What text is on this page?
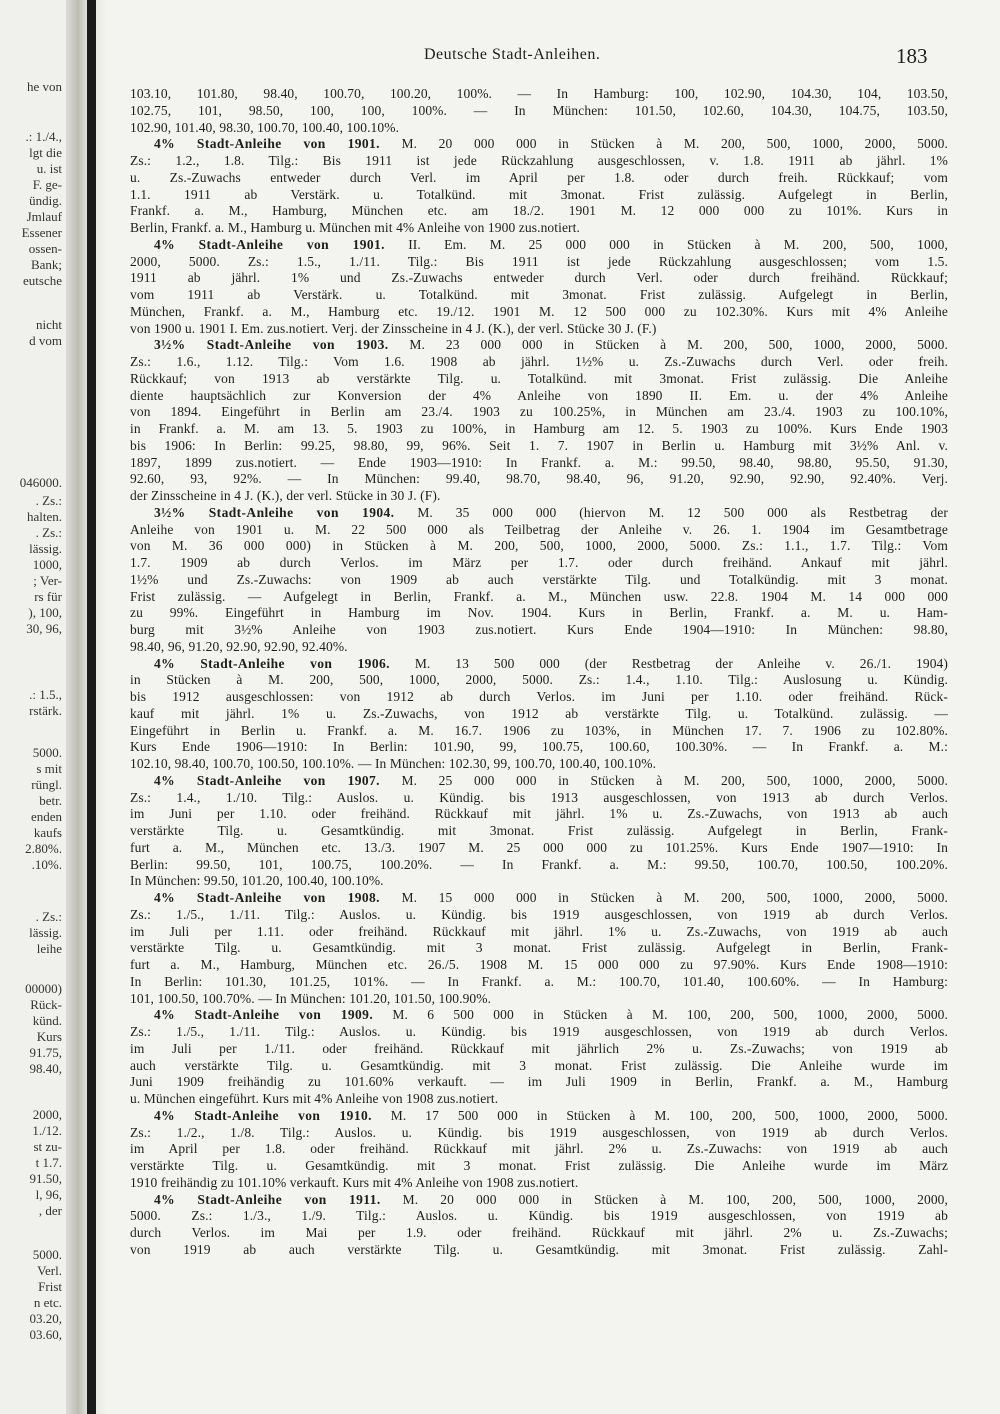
he von
.: 1./4.,
lgt die
u. ist
F. ge-
ündig.
Jmlauf
Essener
ossen-
Bank;
eutsche
nicht
d vom
046000.
. Zs.:
halten.
. Zs.:
lässig.
1000,
; Ver-
rs für
), 100,
30, 96,
.: 1.5.,
rstärk.
5000.
s mit
rüngl.
betr.
enden
kaufs
2.80%.
.10%.
. Zs.:
lässig.
leihe
00000)
Rück-
künd.
Kurs
91.75,
98.40,
2000,
1./12.
st zu-
t 1.7.
91.50,
l, 96,
, der
5000.
Verl.
Frist
n etc.
03.20,
03.60,
Deutsche Stadt-Anleihen.	183
103.10, 101.80, 98.40, 100.70, 100.20, 100%. — In Hamburg: 100, 102.90, 104.30, 104, 103.50,
102.75, 101, 98.50, 100, 100, 100%. — In München: 101.50, 102.60, 104.30, 104.75, 103.50,
102.90, 101.40, 98.30, 100.70, 100.40, 100.10%.
4% Stadt-Anleihe von 1901. M. 20 000 000 in Stücken à M. 200, 500, 1000, 2000, 5000.
Zs.: 1.2., 1.8. Tilg.: Bis 1911 ist jede Rückzahlung ausgeschlossen, v. 1.8. 1911 ab jährl. 1%
u. Zs.-Zuwachs entweder durch Verl. im April per 1.8. oder durch freih. Rückkauf; vom
1.1. 1911 ab Verstärk. u. Totalkünd. mit 3monat. Frist zulässig. Aufgelegt in Berlin,
Frankf. a. M., Hamburg, München etc. am 18./2. 1901 M. 12 000 000 zu 101%. Kurs in
Berlin, Frankf. a. M., Hamburg u. München mit 4% Anleihe von 1900 zus.notiert.
4% Stadt-Anleihe von 1901. II. Em. M. 25 000 000 in Stücken à M. 200, 500, 1000,
2000, 5000. Zs.: 1.5., 1./11. Tilg.: Bis 1911 ist jede Rückzahlung ausgeschlossen; vom 1.5.
1911 ab jährl. 1% und Zs.-Zuwachs entweder durch Verl. oder durch freihänd. Rückkauf;
vom 1911 ab Verstärk. u. Totalkünd. mit 3monat. Frist zulässig. Aufgelegt in Berlin,
München, Frankf. a. M., Hamburg etc. 19./12. 1901 M. 12 500 000 zu 102.30%. Kurs mit 4% Anleihe
von 1900 u. 1901 I. Em. zus.notiert. Verj. der Zinsscheine in 4 J. (K.), der verl. Stücke 30 J. (F.)
3½% Stadt-Anleihe von 1903. M. 23 000 000 in Stücken à M. 200, 500, 1000, 2000, 5000.
Zs.: 1.6., 1.12. Tilg.: Vom 1.6. 1908 ab jährl. 1½% u. Zs.-Zuwachs durch Verl. oder freih.
Rückkauf; von 1913 ab verstärkte Tilg. u. Totalkünd. mit 3monat. Frist zulässig. Die Anleihe
diente hauptsächlich zur Konversion der 4% Anleihe von 1890 II. Em. u. der 4% Anleihe
von 1894. Eingeführt in Berlin am 23./4. 1903 zu 100.25%, in München am 23./4. 1903 zu 100.10%,
in Frankf. a. M. am 13. 5. 1903 zu 100%, in Hamburg am 12. 5. 1903 zu 100%. Kurs Ende 1903
bis 1906: In Berlin: 99.25, 98.80, 99, 96%. Seit 1. 7. 1907 in Berlin u. Hamburg mit 3½% Anl. v.
1897, 1899 zus.notiert. — Ende 1903—1910: In Frankf. a. M.: 99.50, 98.40, 98.80, 95.50, 91.30,
92.60, 93, 92%. — In München: 99.40, 98.70, 98.40, 96, 91.20, 92.90, 92.90, 92.40%. Verj.
der Zinsscheine in 4 J. (K.), der verl. Stücke in 30 J. (F).
3½% Stadt-Anleihe von 1904. M. 35 000 000 (hiervon M. 12 500 000 als Restbetrag der
Anleihe von 1901 u. M. 22 500 000 als Teilbetrag der Anleihe v. 26. 1. 1904 im Gesamtbetrage
von M. 36 000 000) in Stücken à M. 200, 500, 1000, 2000, 5000. Zs.: 1.1., 1.7. Tilg.: Vom
1.7. 1909 ab durch Verlos. im März per 1.7. oder durch freihänd. Ankauf mit jährl.
1½% und Zs.-Zuwachs: von 1909 ab auch verstärkte Tilg. und Totalkündig. mit 3 monat.
Frist zulässig. — Aufgelegt in Berlin, Frankf. a. M., München usw. 22.8. 1904 M. 14 000 000
zu 99%. Eingeführt in Hamburg im Nov. 1904. Kurs in Berlin, Frankf. a. M. u. Ham-
burg mit 3½% Anleihe von 1903 zus.notiert. Kurs Ende 1904—1910: In München: 98.80,
98.40, 96, 91.20, 92.90, 92.90, 92.40%.
4% Stadt-Anleihe von 1906. M. 13 500 000 (der Restbetrag der Anleihe v. 26./1. 1904)
in Stücken à M. 200, 500, 1000, 2000, 5000. Zs.: 1.4., 1.10. Tilg.: Auslosung u. Kündig.
bis 1912 ausgeschlossen: von 1912 ab durch Verlos. im Juni per 1.10. oder freihänd. Rück-
kauf mit jährl. 1% u. Zs.-Zuwachs, von 1912 ab verstärkte Tilg. u. Totalkünd. zulässig. —
Eingeführt in Berlin u. Frankf. a. M. 16.7. 1906 zu 103%, in München 17. 7. 1906 zu 102.80%.
Kurs Ende 1906—1910: In Berlin: 101.90, 99, 100.75, 100.60, 100.30%. — In Frankf. a. M.:
102.10, 98.40, 100.70, 100.50, 100.10%. — In München: 102.30, 99, 100.70, 100.40, 100.10%.
4% Stadt-Anleihe von 1907. M. 25 000 000 in Stücken à M. 200, 500, 1000, 2000, 5000.
Zs.: 1.4., 1./10. Tilg.: Auslos. u. Kündig. bis 1913 ausgeschlossen, von 1913 ab durch Verlos.
im Juni per 1.10. oder freihänd. Rückkauf mit jährl. 1% u. Zs.-Zuwachs, von 1913 ab auch
verstärkte Tilg. u. Gesamtkündig. mit 3monat. Frist zulässig. Aufgelegt in Berlin, Frank-
furt a. M., München etc. 13./3. 1907 M. 25 000 000 zu 101.25%. Kurs Ende 1907—1910: In
Berlin: 99.50, 101, 100.75, 100.20%. — In Frankf. a. M.: 99.50, 100.70, 100.50, 100.20%.
In München: 99.50, 101.20, 100.40, 100.10%.
4% Stadt-Anleihe von 1908. M. 15 000 000 in Stücken à M. 200, 500, 1000, 2000, 5000.
Zs.: 1./5., 1./11. Tilg.: Auslos. u. Kündig. bis 1919 ausgeschlossen, von 1919 ab durch Verlos.
im Juli per 1.11. oder freihänd. Rückkauf mit jährl. 1% u. Zs.-Zuwachs, von 1919 ab auch
verstärkte Tilg. u. Gesamtkündig. mit 3 monat. Frist zulässig. Aufgelegt in Berlin, Frank-
furt a. M., Hamburg, München etc. 26./5. 1908 M. 15 000 000 zu 97.90%. Kurs Ende 1908—1910:
In Berlin: 101.30, 101.25, 101%. — In Frankf. a. M.: 100.70, 101.40, 100.60%. — In Hamburg:
101, 100.50, 100.70%. — In München: 101.20, 101.50, 100.90%.
4% Stadt-Anleihe von 1909. M. 6 500 000 in Stücken à M. 100, 200, 500, 1000, 2000, 5000.
Zs.: 1./5., 1./11. Tilg.: Auslos. u. Kündig. bis 1919 ausgeschlossen, von 1919 ab durch Verlos.
im Juli per 1./11. oder freihänd. Rückkauf mit jährlich 2% u. Zs.-Zuwachs; von 1919 ab
auch verstärkte Tilg. u. Gesamtkündig. mit 3 monat. Frist zulässig. Die Anleihe wurde im
Juni 1909 freihändig zu 101.60% verkauft. — im Juli 1909 in Berlin, Frankf. a. M., Hamburg
u. München eingeführt. Kurs mit 4% Anleihe von 1908 zus.notiert.
4% Stadt-Anleihe von 1910. M. 17 500 000 in Stücken à M. 100, 200, 500, 1000, 2000, 5000.
Zs.: 1./2., 1./8. Tilg.: Auslos. u. Kündig. bis 1919 ausgeschlossen, von 1919 ab durch Verlos.
im April per 1.8. oder freihänd. Rückkauf mit jährl. 2% u. Zs.-Zuwachs: von 1919 ab auch
verstärkte Tilg. u. Gesamtkündig. mit 3 monat. Frist zulässig. Die Anleihe wurde im März
1910 freihändig zu 101.10% verkauft. Kurs mit 4% Anleihe von 1908 zus.notiert.
4% Stadt-Anleihe von 1911. M. 20 000 000 in Stücken à M. 100, 200, 500, 1000, 2000,
5000. Zs.: 1./3., 1./9. Tilg.: Auslos. u. Kündig. bis 1919 ausgeschlossen, von 1919 ab
durch Verlos. im Mai per 1.9. oder freihänd. Rückkauf mit jährl. 2% u. Zs.-Zuwachs;
von 1919 ab auch verstärkte Tilg. u. Gesamtkündig. mit 3monat. Frist zulässig. Zahl-
